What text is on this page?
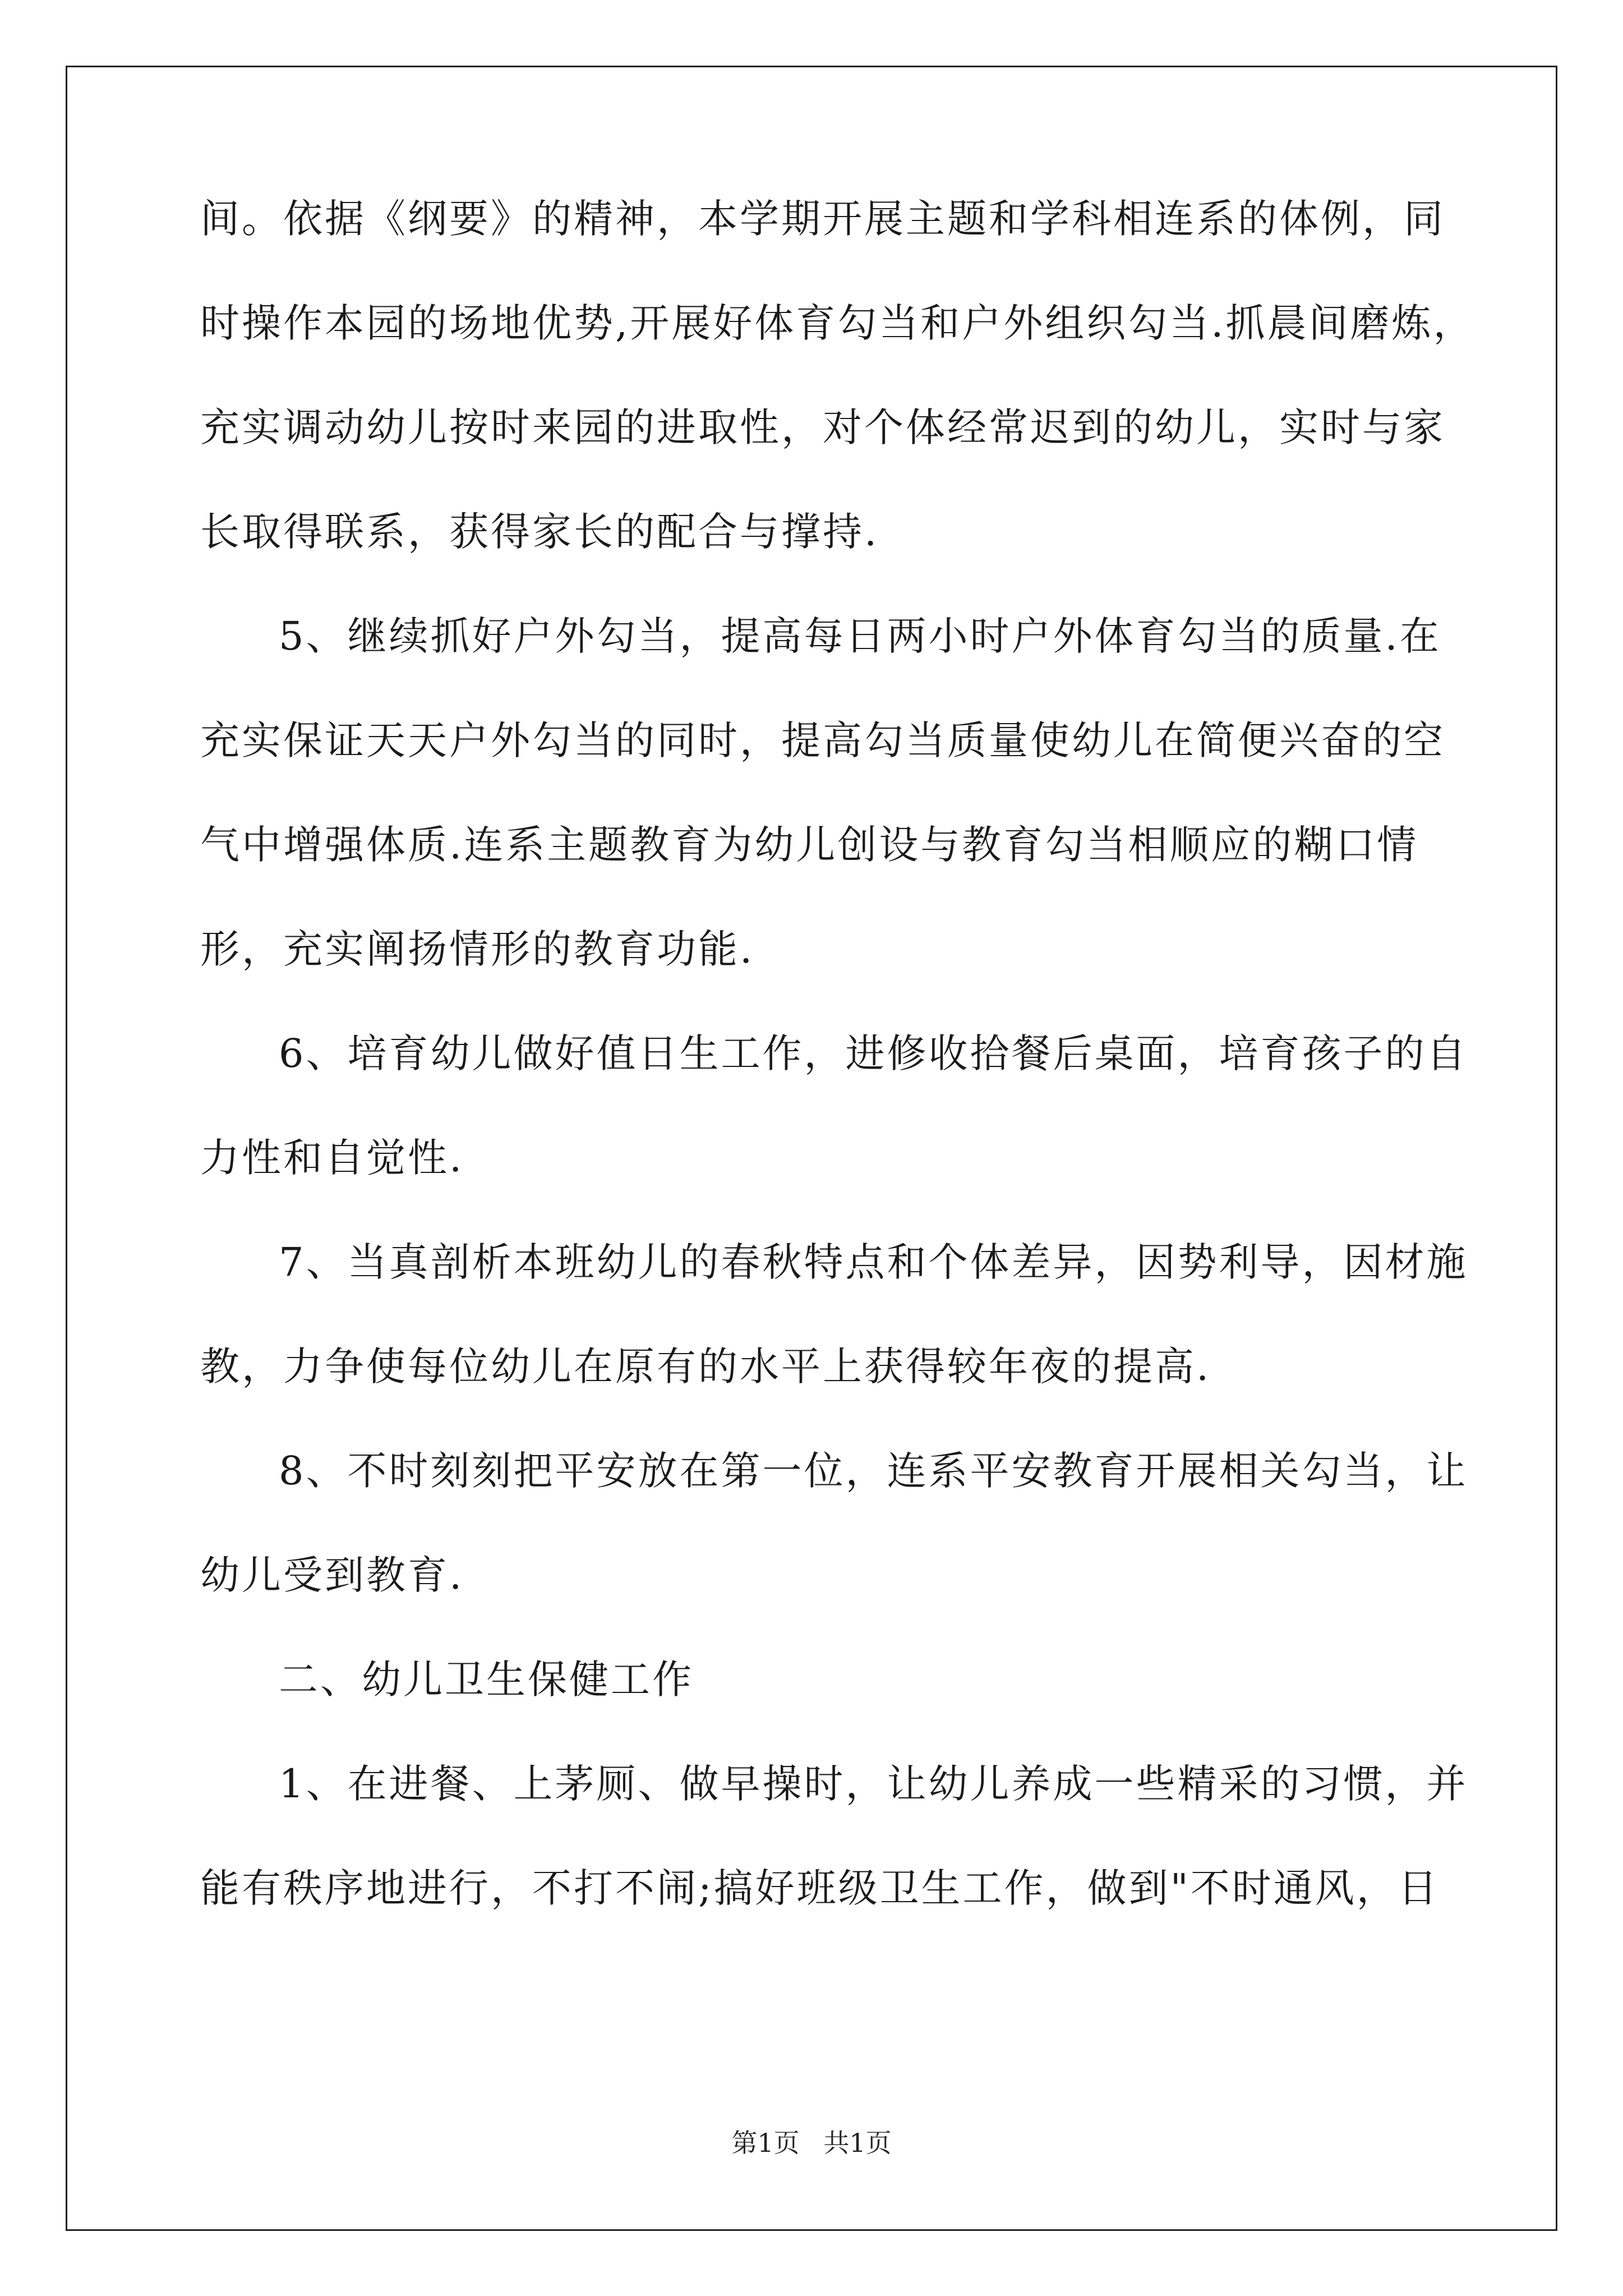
间。依据《纲要》的精神，本学期开展主题和学科相连系的体例，同
时操作本园的场地优势,开展好体育勾当和户外组织勾当.抓晨间磨炼，
充实调动幼儿按时来园的进取性，对个体经常迟到的幼儿，实时与家
长取得联系，获得家长的配合与撑持.
5、继续抓好户外勾当，提高每日两小时户外体育勾当的质量.在
充实保证天天户外勾当的同时，提高勾当质量使幼儿在简便兴奋的空
气中增强体质.连系主题教育为幼儿创设与教育勾当相顺应的糊口情
形，充实阐扬情形的教育功能.
6、培育幼儿做好值日生工作，进修收拾餐后桌面，培育孩子的自
力性和自觉性.
7、当真剖析本班幼儿的春秋特点和个体差异，因势利导，因材施
教，力争使每位幼儿在原有的水平上获得较年夜的提高.
8、不时刻刻把平安放在第一位，连系平安教育开展相关勾当，让
幼儿受到教育.
二、幼儿卫生保健工作
1、在进餐、上茅厕、做早操时，让幼儿养成一些精采的习惯，并
能有秩序地进行，不打不闹;搞好班级卫生工作，做到"不时通风，日
第1页 共1页
